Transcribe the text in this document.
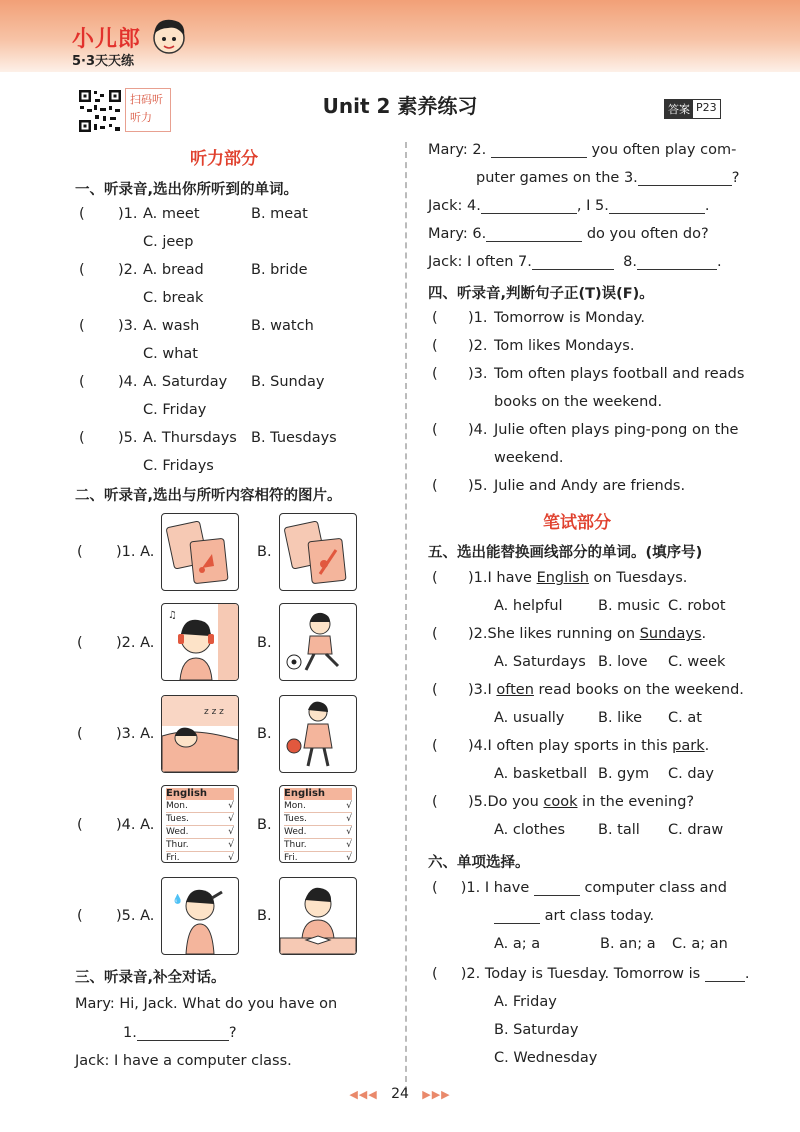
小儿郎
5·3天天练
扫码听听力	Unit 2 素养练习	答案 P23
听力部分
一、听录音,选出你所听到的单词。
( )1. A. meet	B. meat
C. jeep
( )2. A. bread	B. bride
C. break
( )3. A. wash	B. watch
C. what
( )4. A. Saturday B. Sunday
C. Friday
( )5. A. Thursdays B. Tuesdays
C. Fridays
二、听录音,选出与所听内容相符的图片。
( )1. A.	B.
( )2. A.	B.
( )3. A.	B.
( )4. A.	B.
( )5. A.	B.
♫
z z z
English
Mon.	√
Tues.	√
Wed.	√
Thur.	√
Fri.	√
English
Mon.	√
Tues.	√
Wed.	√
Thur.	√
Fri.	√
💧
三、听录音,补全对话。
Mary: Hi, Jack. What do you have on
1.	?
Jack: I have a computer class.
Mary: 2.	you often play com-
puter games on the 3.	?
Jack: 4.	, I 5.	.
Mary: 6.	do you often do?
Jack: I often 7.	8.	.
四、听录音,判断句子正(T)误(F)。
( )1. Tomorrow is Monday.
( )2. Tom likes Mondays.
( )3. Tom often plays football and reads
books on the weekend.
( )4. Julie often plays ping-pong on the
weekend.
( )5. Julie and Andy are friends.
笔试部分
五、选出能替换画线部分的单词。(填序号)
( )1.I have English on Tuesdays.
A. helpful B. music C. robot
( )2.She likes running on Sundays.
A. Saturdays B. love C. week
( )3.I often read books on the weekend.
A. usually B. like C. at
( )4.I often play sports in this park.
A. basketball B. gym C. day
( )5.Do you cook in the evening?
A. clothes B. tall C. draw
六、单项选择。
( )1. I have	computer class and
art class today.
A. a; a	B. an; a C. a; an
( )2. Today is Tuesday. Tomorrow is	.
A. Friday
B. Saturday
C. Wednesday
◀◀◀ 24 ▶▶▶
